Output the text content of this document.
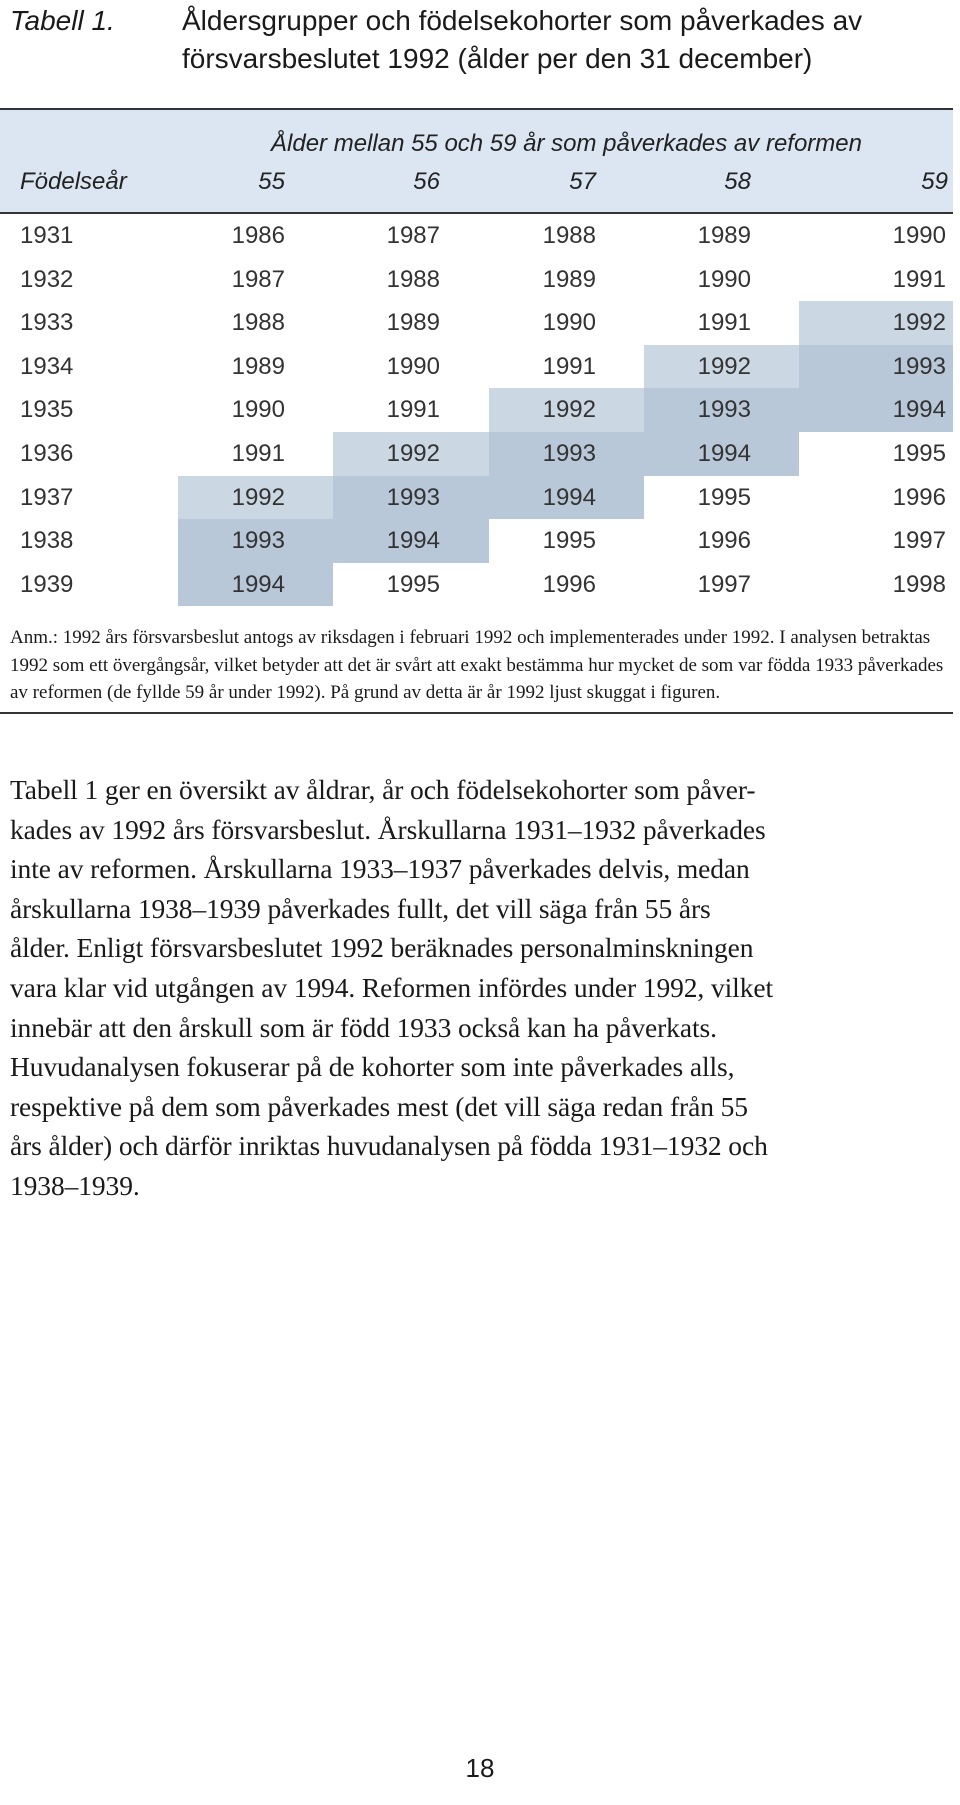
Tabell 1. Åldersgrupper och födelsekohorter som påverkades av försvarsbeslutet 1992 (ålder per den 31 december)
Ålder mellan 55 och 59 år som påverkades av reformen
Födelseår	55	56	57	58	59
1931	1986	1987	1988	1989	1990
1932	1987	1988	1989	1990	1991
1933	1988	1989	1990	1991	1992
1934	1989	1990	1991	1992	1993
1935	1990	1991	1992	1993	1994
1936	1991	1992	1993	1994	1995
1937	1992	1993	1994	1995	1996
1938	1993	1994	1995	1996	1997
1939	1994	1995	1996	1997	1998
Anm.: 1992 års försvarsbeslut antogs av riksdagen i februari 1992 och implementerades under 1992. I analysen betraktas 1992 som ett övergångsår, vilket betyder att det är svårt att exakt bestämma hur mycket de som var födda 1933 påverkades av reformen (de fyllde 59 år under 1992). På grund av detta är år 1992 ljust skuggat i figuren.
Tabell 1 ger en översikt av åldrar, år och födelsekohorter som påver-
kades av 1992 års försvarsbeslut. Årskullarna 1931–1932 påverkades
inte av reformen. Årskullarna 1933–1937 påverkades delvis, medan
årskullarna 1938–1939 påverkades fullt, det vill säga från 55 års
ålder. Enligt försvarsbeslutet 1992 beräknades personalminskningen
vara klar vid utgången av 1994. Reformen infördes under 1992, vilket
innebär att den årskull som är född 1933 också kan ha påverkats.
Huvudanalysen fokuserar på de kohorter som inte påverkades alls,
respektive på dem som påverkades mest (det vill säga redan från 55
års ålder) och därför inriktas huvudanalysen på födda 1931–1932 och
1938–1939.
18
